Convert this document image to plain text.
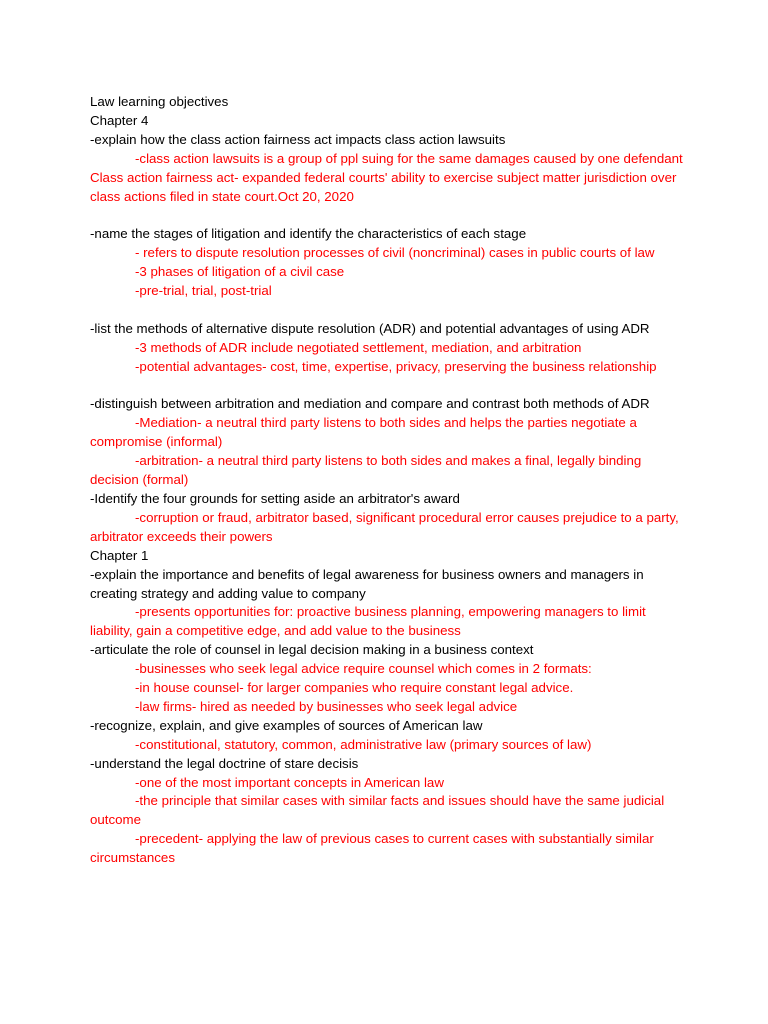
Law learning objectives
Chapter 4
-explain how the class action fairness act impacts class action lawsuits
-class action lawsuits is a group of ppl suing for the same damages caused by one defendant
Class action fairness act- expanded federal courts' ability to exercise subject matter jurisdiction over class actions filed in state court.Oct 20, 2020
-name the stages of litigation and identify the characteristics of each stage
- refers to dispute resolution processes of civil (noncriminal) cases in public courts of law
-3 phases of litigation of a civil case
-pre-trial, trial, post-trial
-list the methods of alternative dispute resolution (ADR) and potential advantages of using ADR
-3 methods of ADR include negotiated settlement, mediation, and arbitration
-potential advantages- cost, time, expertise, privacy, preserving the business relationship
-distinguish between arbitration and mediation and compare and contrast both methods of ADR
-Mediation- a neutral third party listens to both sides and helps the parties negotiate a compromise (informal)
-arbitration- a neutral third party listens to both sides and makes a final, legally binding decision (formal)
-Identify the four grounds for setting aside an arbitrator's award
-corruption or fraud, arbitrator based, significant procedural error causes prejudice to a party, arbitrator exceeds their powers
Chapter 1
-explain the importance and benefits of legal awareness for business owners and managers in creating strategy and adding value to company
-presents opportunities for: proactive business planning, empowering managers to limit liability, gain a competitive edge, and add value to the business
-articulate the role of counsel in legal decision making in a business context
-businesses who seek legal advice require counsel which comes in 2 formats:
-in house counsel- for larger companies who require constant legal advice.
-law firms- hired as needed by businesses who seek legal advice
-recognize, explain, and give examples of sources of American law
-constitutional, statutory, common, administrative law (primary sources of law)
-understand the legal doctrine of stare decisis
-one of the most important concepts in American law
-the principle that similar cases with similar facts and issues should have the same judicial outcome
-precedent- applying the law of previous cases to current cases with substantially similar circumstances
